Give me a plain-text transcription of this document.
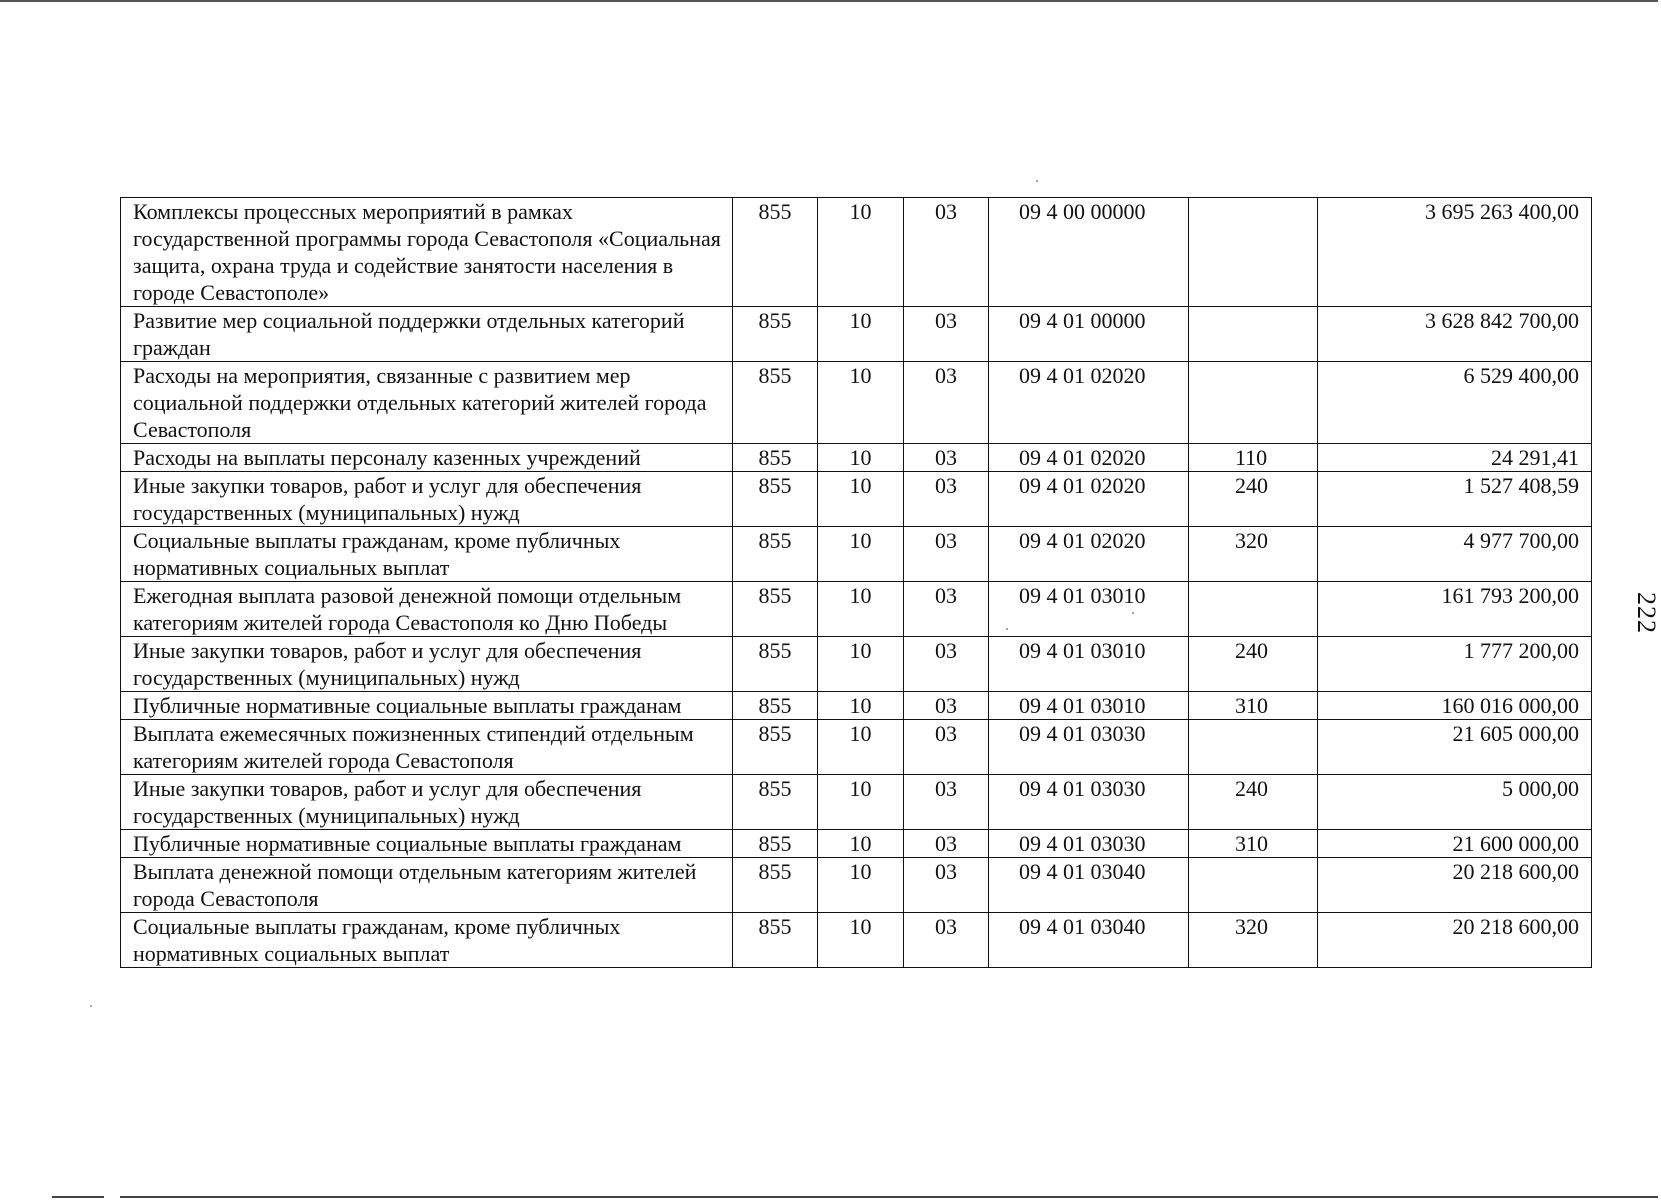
Комплексы процессных мероприятий в рамках государственной программы города Севастополя «Социальная защита, охрана труда и содействие занятости населения в городе Севастополе»	855	10	03	09 4 00 00000		3 695 263 400,00
Развитие мер социальной поддержки отдельных категорий граждан	855	10	03	09 4 01 00000		3 628 842 700,00
Расходы на мероприятия, связанные с развитием мер социальной поддержки отдельных категорий жителей города Севастополя	855	10	03	09 4 01 02020		6 529 400,00
Расходы на выплаты персоналу казенных учреждений	855	10	03	09 4 01 02020	110	24 291,41
Иные закупки товаров, работ и услуг для обеспечения государственных (муниципальных) нужд	855	10	03	09 4 01 02020	240	1 527 408,59
Социальные выплаты гражданам, кроме публичных нормативных социальных выплат	855	10	03	09 4 01 02020	320	4 977 700,00
Ежегодная выплата разовой денежной помощи отдельным категориям жителей города Севастополя ко Дню Победы	855	10	03	09 4 01 03010		161 793 200,00
Иные закупки товаров, работ и услуг для обеспечения государственных (муниципальных) нужд	855	10	03	09 4 01 03010	240	1 777 200,00
Публичные нормативные социальные выплаты гражданам	855	10	03	09 4 01 03010	310	160 016 000,00
Выплата ежемесячных пожизненных стипендий отдельным категориям жителей города Севастополя	855	10	03	09 4 01 03030		21 605 000,00
Иные закупки товаров, работ и услуг для обеспечения государственных (муниципальных) нужд	855	10	03	09 4 01 03030	240	5 000,00
Публичные нормативные социальные выплаты гражданам	855	10	03	09 4 01 03030	310	21 600 000,00
Выплата денежной помощи отдельным категориям жителей города Севастополя	855	10	03	09 4 01 03040		20 218 600,00
Социальные выплаты гражданам, кроме публичных нормативных социальных выплат	855	10	03	09 4 01 03040	320	20 218 600,00
222
